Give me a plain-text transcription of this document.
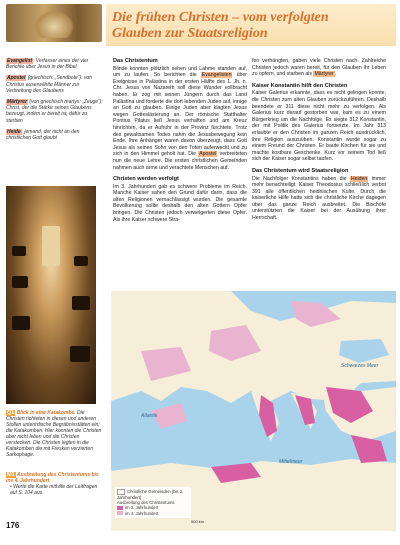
Die frühen Christen – vom verfolgten
Glauben zur Staatsreligion
Evangelist: Verfasser eines der vier Berichte über Jesus in der Bibel
Apostel (griechisch: „Sendbote“): von Christus auserwählte Männer zur Verbreitung des Glaubens
Märtyrer (von griechisch martys: „Zeuge“): Christ, der die Stärke seines Glaubens bezeugt, indem er bereit ist, dafür zu sterben
Heide: jemand, der nicht an den christlichen Gott glaubt
Q1 Blick in eine Katakombe. Die Christen richteten in diesen und anderen Stollen unterirdische Begräbnisstätten ein; die Katakomben. Hier konnten die Christen aber nicht leben und die Christen verstecken. Die Christen legten in die Katakomben die mit Fresken verzierten Sarkophage.
M1 Ausbreitung des Christentums bis ins 4. Jahrhundert
• Werte die Karte mithilfe der Leitfragen auf S. 104 aus.
176
Das Christentum

Blinde konnten plötzlich sehen und Lahme standen auf, um zu laufen. So berichten die Evangelisten über Ereignisse in Palästina in der ersten Hälfte des 1. Jh. n. Chr. Jesus von Nazareth soll diese Wunder vollbracht haben. Er zog mit seinen Jüngern durch das Land Palästina und forderte die dort lebenden Juden auf, innige an Gott zu glauben. Einige Juden aber klagten Jesus wegen Gotteslästerung an. Der römische Statthalter Pontius Pilatus ließ Jesus verhaften und am Kreuz hinrichten, da er Aufruhr in der Provinz fürchtete. Trotz des gewaltsamen Todes nahm die Jesusbewegung kein Ende. Ihre Anhänger waren davon überzeugt, dass Gott Jesus als seinen Sohn von den Toten auferweckt und zu sich in den Himmel geholt hat. Die Apostel verbreiteten nun die neue Lehre. Die ersten christlichen Gemeinden nahmen auch arme und verachtete Menschen auf.

Christen werden verfolgt

Im 3. Jahrhundert gab es schwere Probleme im Reich. Manche Kaiser sahen den Grund dafür darin, dass die alten Religionen vernachlässigt wurden. Die gesamte Bevölkerung sollte deshalb den alten Göttern Opfer bringen. Die Christen jedoch verweigerten diese Opfer. Als ihre Kaiser schwere Stra-

fen verhängten, gaben viele Christen nach. Zahlreiche Christen jedoch waren bereit, für den Glauben ihr Leben zu opfern, und starben als Märtyrer.

Kaiser Konstantin hilft den Christen

Kaiser Galerius erkannte, dass es nicht gelingen konnte, die Christen zum alten Glauben zurückzuführen. Deshalb beendete er 311 diese nicht mehr zu verfolgen. Als Galerius kurz darauf gestorben war, kam es zu einem Bürgerkrieg um die Nachfolge. Es siegte 312 Konstantin, der mit Politik des Galerius fortsetzte. Im Jahr 313 erlaubte er den Christen im ganzen Reich ausdrücklich, ihre Religion auszuüben. Konstantin wurde sogar zu einem Freund der Christen. Er baute Kirchen für sie und machte kostbare Geschenke. Kurz vor seinem Tod ließ sich der Kaiser sogar selbst taufen.

Das Christentum wird Staatsreligion

Die Nachfolger Konstantins haben die Heiden immer mehr benachteiligt. Kaiser Theodosius schließlich verbot 391 alle öffentlichen heidnischen Kulte. Durch die kaiserliche Hilfe hatte sich die christliche Kirche dagegen über das ganze Reich ausbreitet. Die Bischöfe unterstützten die Kaiser bei der Ausübung ihrer Herrschaft.

Atlantik
Schwarzes Meer
Mittelmeer
Christliche Gemeinden (bis 2. Jahrhundert)
Ausbreitung des Christentums
im 3. Jahrhundert
im 4. Jahrhundert
500 km
